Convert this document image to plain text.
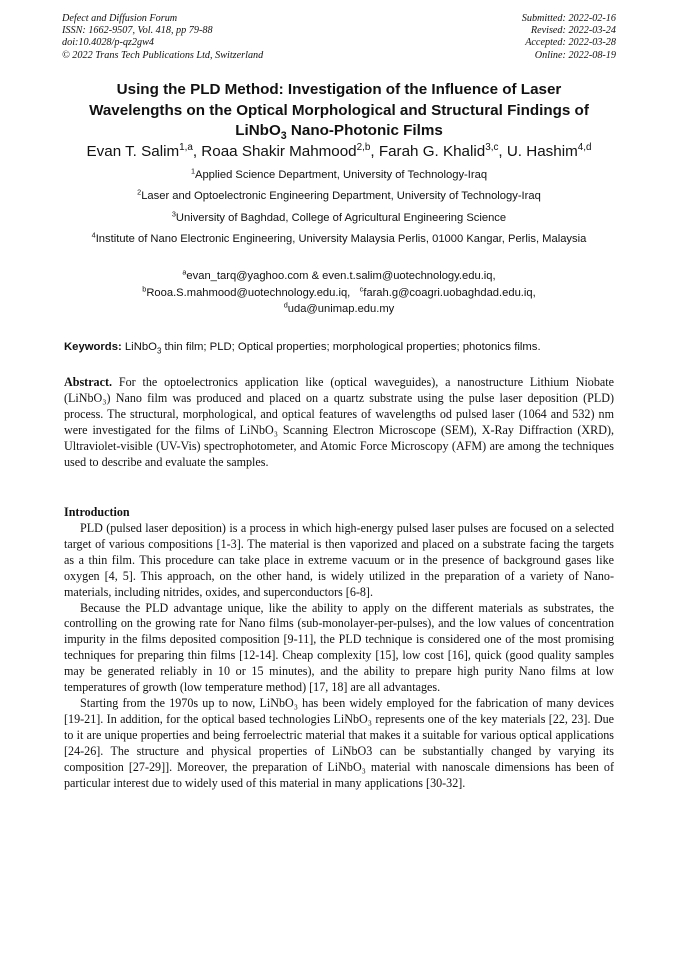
Defect and Diffusion Forum
ISSN: 1662-9507, Vol. 418, pp 79-88
doi:10.4028/p-qz2gw4
© 2022 Trans Tech Publications Ltd, Switzerland
Submitted: 2022-02-16
Revised: 2022-03-24
Accepted: 2022-03-28
Online: 2022-08-19
Using the PLD Method: Investigation of the Influence of Laser
Wavelengths on the Optical Morphological and Structural Findings of
LiNbO$_3$ Nano-Photonic Films
Evan T. Salim$^{1,a}$, Roaa Shakir Mahmood$^{2,b}$, Farah G. Khalid$^{3,c}$, U. Hashim$^{4,d}$
$^1$Applied Science Department, University of Technology-Iraq
$^2$Laser and Optoelectronic Engineering Department, University of Technology-Iraq
$^3$University of Baghdad, College of Agricultural Engineering Science
$^4$Institute of Nano Electronic Engineering, University Malaysia Perlis, 01000 Kangar, Perlis, Malaysia
$^a$evan_tarq@yaghoo.com & even.t.salim@uotechnology.edu.iq,
$^b$Rooa.S.mahmood@uotechnology.edu.iq, $^c$farah.g@coagri.uobaghdad.edu.iq,
$^d$uda@unimap.edu.my
Keywords: LiNbO$_3$ thin film; PLD; Optical properties; morphological properties; photonics films.
Abstract. For the optoelectronics application like (optical waveguides), a nanostructure Lithium Niobate (LiNbO₃) Nano film was produced and placed on a quartz substrate using the pulse laser deposition (PLD) process. The structural, morphological, and optical features of wavelengths od pulsed laser (1064 and 532) nm were investigated for the films of LiNbO₃ Scanning Electron Microscope (SEM), X-Ray Diffraction (XRD), Ultraviolet-visible (UV-Vis) spectrophotometer, and Atomic Force Microscopy (AFM) are among the techniques used to describe and evaluate the samples.
Introduction

PLD (pulsed laser deposition) is a process in which high-energy pulsed laser pulses are focused on a selected target of various compositions [1-3]. The material is then vaporized and placed on a substrate facing the targets as a thin film. This procedure can take place in extreme vacuum or in the presence of background gases like oxygen [4, 5]. This approach, on the other hand, is widely utilized in the preparation of a variety of Nano-materials, including nitrides, oxides, and superconductors [6-8].

Because the PLD advantage unique, like the ability to apply on the different materials as substrates, the controlling on the growing rate for Nano films (sub-monolayer-per-pulses), and the low values of concentration impurity in the films deposited composition [9-11], the PLD technique is considered one of the most promising techniques for preparing thin films [12-14]. Cheap complexity [15], low cost [16], quick (good quality samples may be generated reliably in 10 or 15 minutes), and the ability to prepare high purity Nano films at low temperatures of growth (low temperature method) [17, 18] are all advantages.

Starting from the 1970s up to now, LiNbO₃ has been widely employed for the fabrication of many devices [19-21]. In addition, for the optical based technologies LiNbO₃ represents one of the key materials [22, 23]. Due to it are unique properties and being ferroelectric material that makes it a suitable for various optical applications [24-26]. The structure and physical properties of LiNbO3 can be substantially changed by varying its composition [27-29]]. Moreover, the preparation of LiNbO₃ material with nanoscale dimensions has been of particular interest due to widely used of this material in many applications [30-32].
